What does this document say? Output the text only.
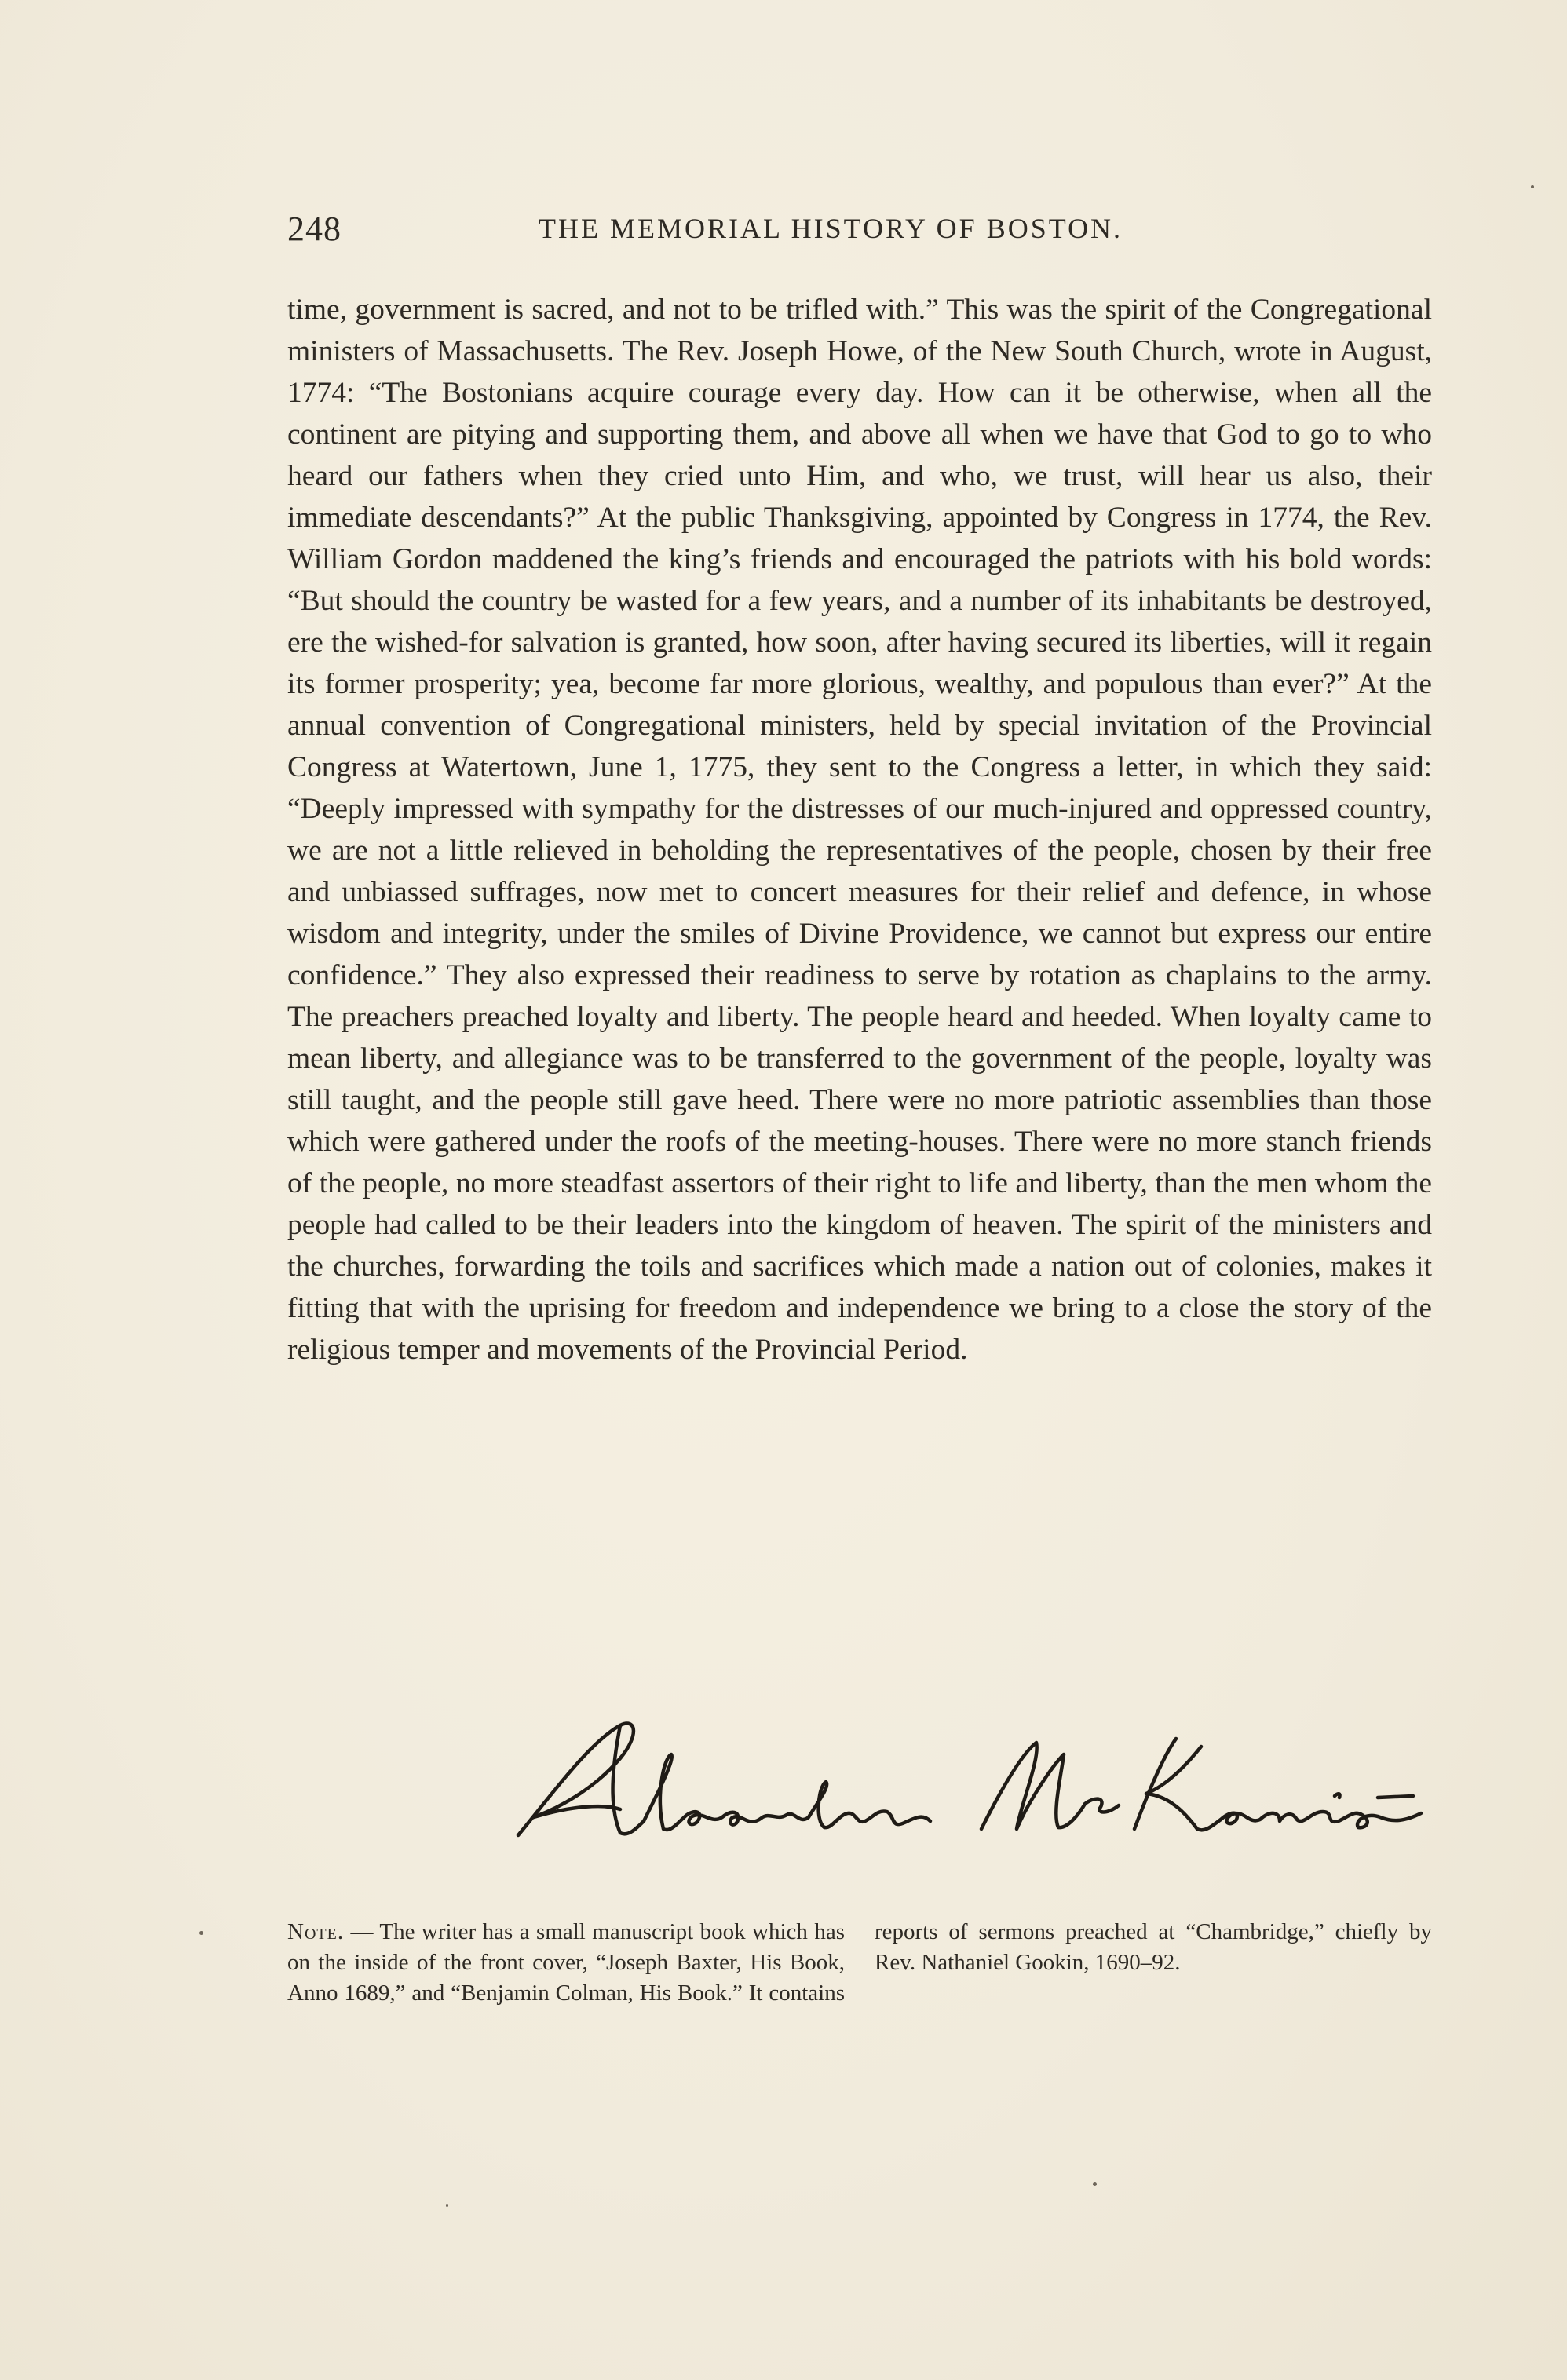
248	THE MEMORIAL HISTORY OF BOSTON.

time, government is sacred, and not to be trifled with.” This was the spirit of the Congregational ministers of Massachusetts. The Rev. Joseph Howe, of the New South Church, wrote in August, 1774: “The Bostonians acquire courage every day. How can it be otherwise, when all the continent are pitying and supporting them, and above all when we have that God to go to who heard our fathers when they cried unto Him, and who, we trust, will hear us also, their immediate descendants?” At the public Thanksgiving, appointed by Congress in 1774, the Rev. William Gordon maddened the king’s friends and encouraged the patriots with his bold words: “But should the country be wasted for a few years, and a number of its inhabitants be destroyed, ere the wished-for salvation is granted, how soon, after having secured its liberties, will it regain its former prosperity; yea, become far more glorious, wealthy, and populous than ever?” At the annual convention of Congregational ministers, held by special invitation of the Provincial Congress at Watertown, June 1, 1775, they sent to the Congress a letter, in which they said: “Deeply impressed with sympathy for the distresses of our much-injured and oppressed country, we are not a little relieved in beholding the representatives of the people, chosen by their free and unbiassed suffrages, now met to concert measures for their relief and defence, in whose wisdom and integrity, under the smiles of Divine Providence, we cannot but express our entire confidence.” They also expressed their readiness to serve by rotation as chaplains to the army. The preachers preached loyalty and liberty. The people heard and heeded. When loyalty came to mean liberty, and allegiance was to be transferred to the government of the people, loyalty was still taught, and the people still gave heed. There were no more patriotic assemblies than those which were gathered under the roofs of the meeting-houses. There were no more stanch friends of the people, no more steadfast assertors of their right to life and liberty, than the men whom the people had called to be their leaders into the kingdom of heaven. The spirit of the ministers and the churches, forwarding the toils and sacrifices which made a nation out of colonies, makes it fitting that with the uprising for freedom and independence we bring to a close the story of the religious temper and movements of the Provincial Period.

Note. — The writer has a small manuscript book which has on the inside of the front cover, “Joseph Baxter, His Book, Anno 1689,” and “Benjamin Colman, His Book.” It contains reports of sermons preached at “Chambridge,” chiefly by Rev. Nathaniel Gookin, 1690–92.
